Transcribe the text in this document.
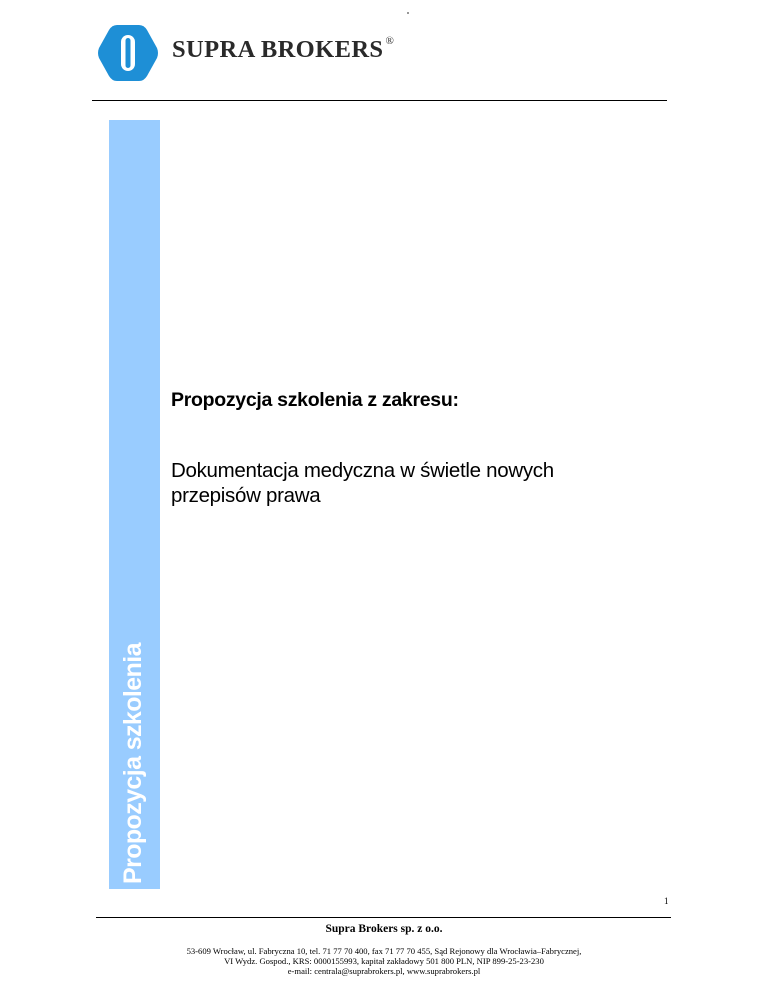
SUPRA BROKERS ®
Propozycja szkolenia
Propozycja szkolenia z zakresu:
Dokumentacja medyczna w świetle nowych przepisów prawa
1
Supra Brokers sp. z o.o.
53-609 Wrocław, ul. Fabryczna 10, tel. 71 77 70 400, fax 71 77 70 455, Sąd Rejonowy dla Wrocławia–Fabrycznej,
VI Wydz. Gospod., KRS: 0000155993, kapitał zakładowy 501 800 PLN, NIP 899-25-23-230
e-mail: centrala@suprabrokers.pl, www.suprabrokers.pl
